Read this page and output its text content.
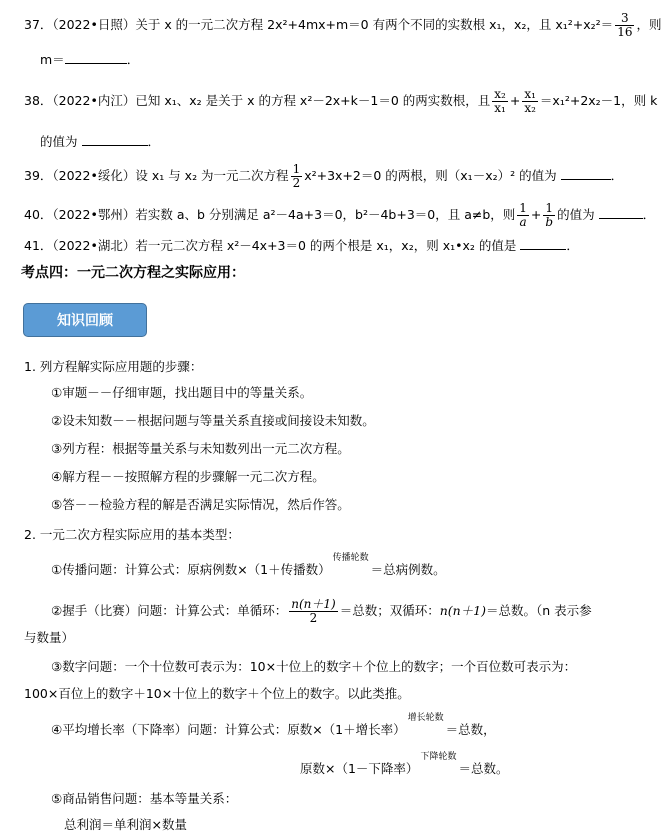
37．（2022•日照）关于 x 的一元二次方程 2x²+4mx+m＝0 有两个不同的实数根 x₁，x₂，且 $x_1^2+x_2^2= \frac{3}{16}$ ，则
m＝	．
38．（2022•内江）已知 x₁、x₂ 是关于 x 的方程 x²－2x+k－1＝0 的两实数根，且 $\frac{\text{x₂}}{\text{x₁}} + \frac{\text{x₁}}{\text{x₂}} =x_1^2+2x_2-1$，则 k
的值为	．
39．（2022•绥化）设 x₁ 与 x₂ 为一元二次方程 $\frac{1}{2} x^2+3x+2=0$ 的两根，则（x₁－x₂）² 的值为	．
40．（2022•鄂州）若实数 a、b 分别满足 a²－4a+3＝0，b²－4b+3＝0，且 a≠b，则 $\frac{1}{a} + \frac{1}{b}$ 的值为	．
41．（2022•湖北）若一元二次方程 x²－4x+3＝0 的两个根是 x₁，x₂，则 x₁•x₂ 的值是	．
考点四：一元二次方程之实际应用：
知识回顾
1. 列方程解实际应用题的步骤：
①审题－－仔细审题，找出题目中的等量关系。
②设未知数－－根据问题与等量关系直接或间接设未知数。
③列方程：根据等量关系与未知数列出一元二次方程。
④解方程－－按照解方程的步骤解一元二次方程。
⑤答－－检验方程的解是否满足实际情况，然后作答。
2. 一元二次方程实际应用的基本类型：
①传播问题：计算公式：原病例数×（1＋传播数）$^{传播轮数}$＝总病例数。
②握手（比赛）问题：计算公式：单循环： $\frac{n(n+1)}{2}$ ＝总数；双循环：n(n＋1)＝总数。（n 表示参
与数量）
③数字问题：一个十位数可表示为：10×十位上的数字＋个位上的数字；一个百位数可表示为：
100×百位上的数字＋10×十位上的数字＋个位上的数字。以此类推。
④平均增长率（下降率）问题：计算公式：原数×（1＋增长率）$^{增长轮数}$＝总数，
原数×（1－下降率）$^{下降轮数}$＝总数。
⑤商品销售问题：基本等量关系：
总利润＝单利润×数量
